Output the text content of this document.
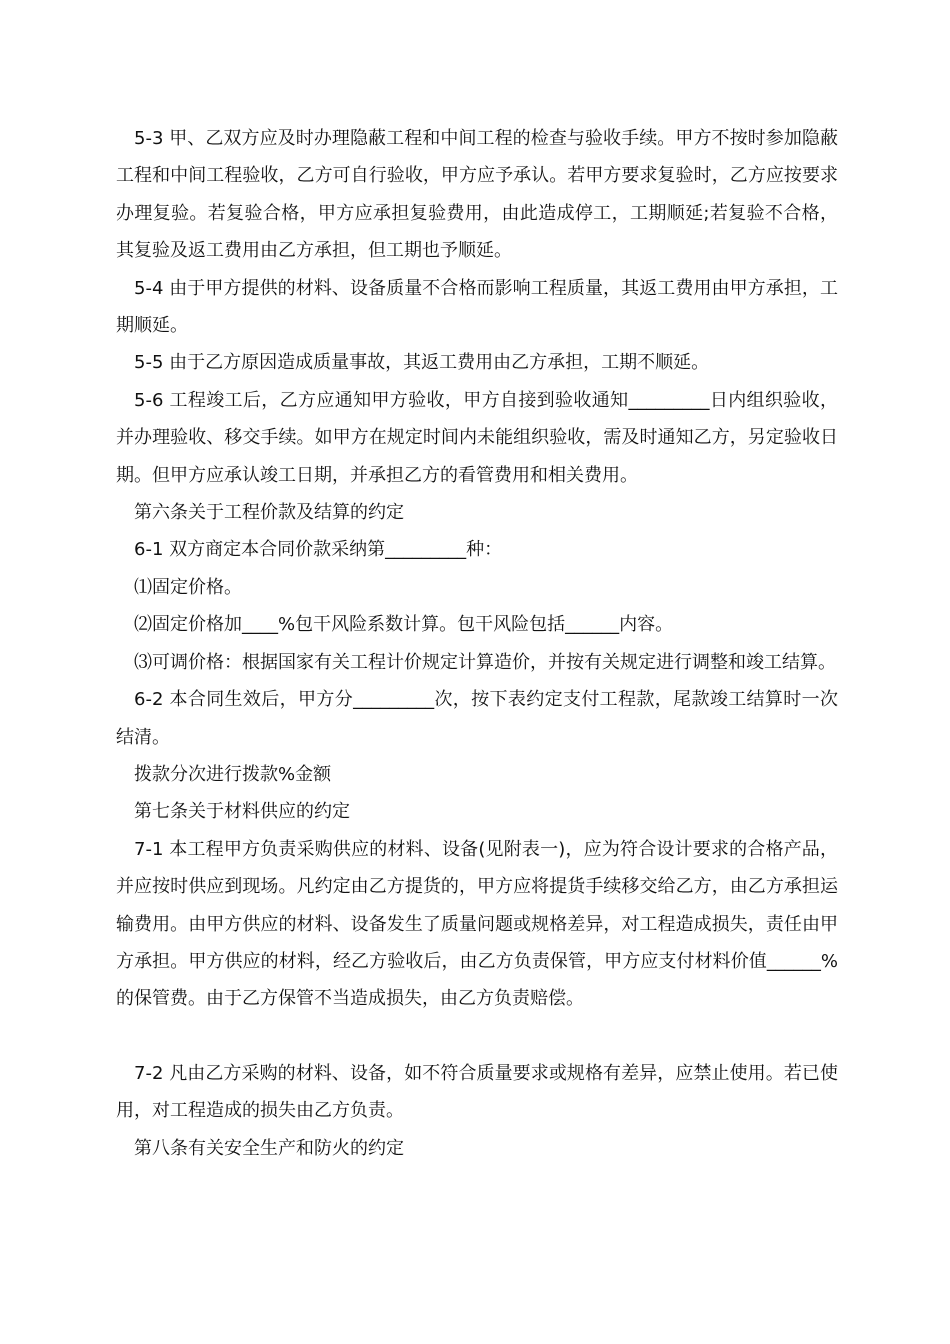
5-3 甲、乙双方应及时办理隐蔽工程和中间工程的检查与验收手续。甲方不按时参加隐蔽工程和中间工程验收，乙方可自行验收，甲方应予承认。若甲方要求复验时，乙方应按要求办理复验。若复验合格，甲方应承担复验费用，由此造成停工，工期顺延;若复验不合格，其复验及返工费用由乙方承担，但工期也予顺延。

5-4 由于甲方提供的材料、设备质量不合格而影响工程质量，其返工费用由甲方承担，工期顺延。

5-5 由于乙方原因造成质量事故，其返工费用由乙方承担，工期不顺延。

5-6 工程竣工后，乙方应通知甲方验收，甲方自接到验收通知_________日内组织验收，并办理验收、移交手续。如甲方在规定时间内未能组织验收，需及时通知乙方，另定验收日期。但甲方应承认竣工日期，并承担乙方的看管费用和相关费用。

第六条关于工程价款及结算的约定

6-1 双方商定本合同价款采纳第_________种：

⑴固定价格。

⑵固定价格加____%包干风险系数计算。包干风险包括______内容。

⑶可调价格：根据国家有关工程计价规定计算造价，并按有关规定进行调整和竣工结算。

6-2 本合同生效后，甲方分_________次，按下表约定支付工程款，尾款竣工结算时一次结清。

拨款分次进行拨款%金额

第七条关于材料供应的约定

7-1 本工程甲方负责采购供应的材料、设备(见附表一)，应为符合设计要求的合格产品，并应按时供应到现场。凡约定由乙方提货的，甲方应将提货手续移交给乙方，由乙方承担运输费用。由甲方供应的材料、设备发生了质量问题或规格差异，对工程造成损失，责任由甲方承担。甲方供应的材料，经乙方验收后，由乙方负责保管，甲方应支付材料价值______%的保管费。由于乙方保管不当造成损失，由乙方负责赔偿。

7-2 凡由乙方采购的材料、设备，如不符合质量要求或规格有差异，应禁止使用。若已使用，对工程造成的损失由乙方负责。

第八条有关安全生产和防火的约定
